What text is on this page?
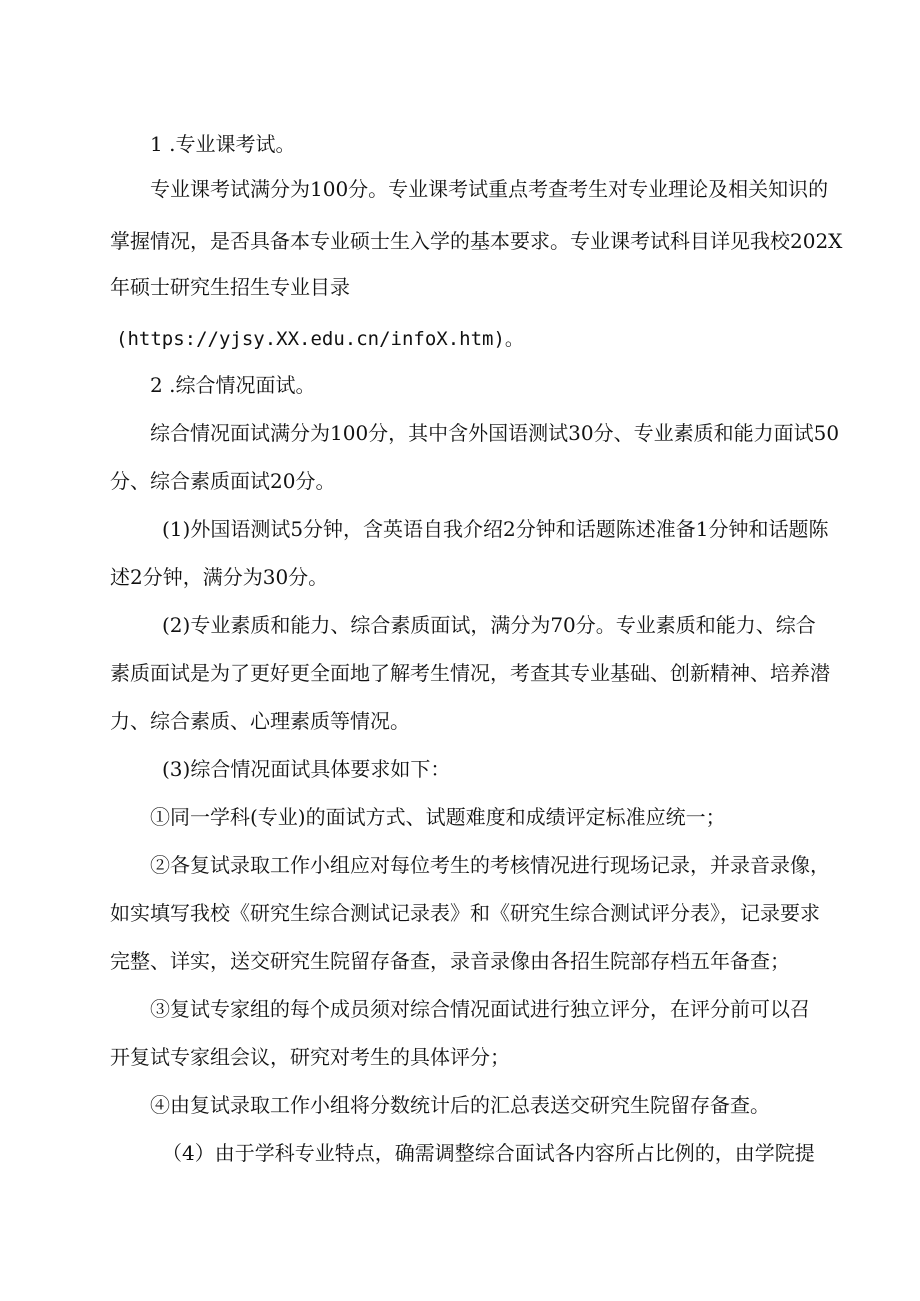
1 .专业课考试。

专业课考试满分为100分。专业课考试重点考查考生对专业理论及相关知识的

掌握情况，是否具备本专业硕士生入学的基本要求。专业课考试科目详见我校202X

年硕士研究生招生专业目录

(https://yjsy.XX.edu.cn/infoX.htm)。

2 .综合情况面试。

综合情况面试满分为100分，其中含外国语测试30分、专业素质和能力面试50

分、综合素质面试20分。

(1)外国语测试5分钟，含英语自我介绍2分钟和话题陈述准备1分钟和话题陈

述2分钟，满分为30分。

(2)专业素质和能力、综合素质面试，满分为70分。专业素质和能力、综合

素质面试是为了更好更全面地了解考生情况，考查其专业基础、创新精神、培养潜

力、综合素质、心理素质等情况。

(3)综合情况面试具体要求如下：

①同一学科(专业)的面试方式、试题难度和成绩评定标准应统一；

②各复试录取工作小组应对每位考生的考核情况进行现场记录，并录音录像，

如实填写我校《研究生综合测试记录表》和《研究生综合测试评分表》，记录要求

完整、详实，送交研究生院留存备查，录音录像由各招生院部存档五年备查；

③复试专家组的每个成员须对综合情况面试进行独立评分，在评分前可以召

开复试专家组会议，研究对考生的具体评分；

④由复试录取工作小组将分数统计后的汇总表送交研究生院留存备查。

（4）由于学科专业特点，确需调整综合面试各内容所占比例的，由学院提
